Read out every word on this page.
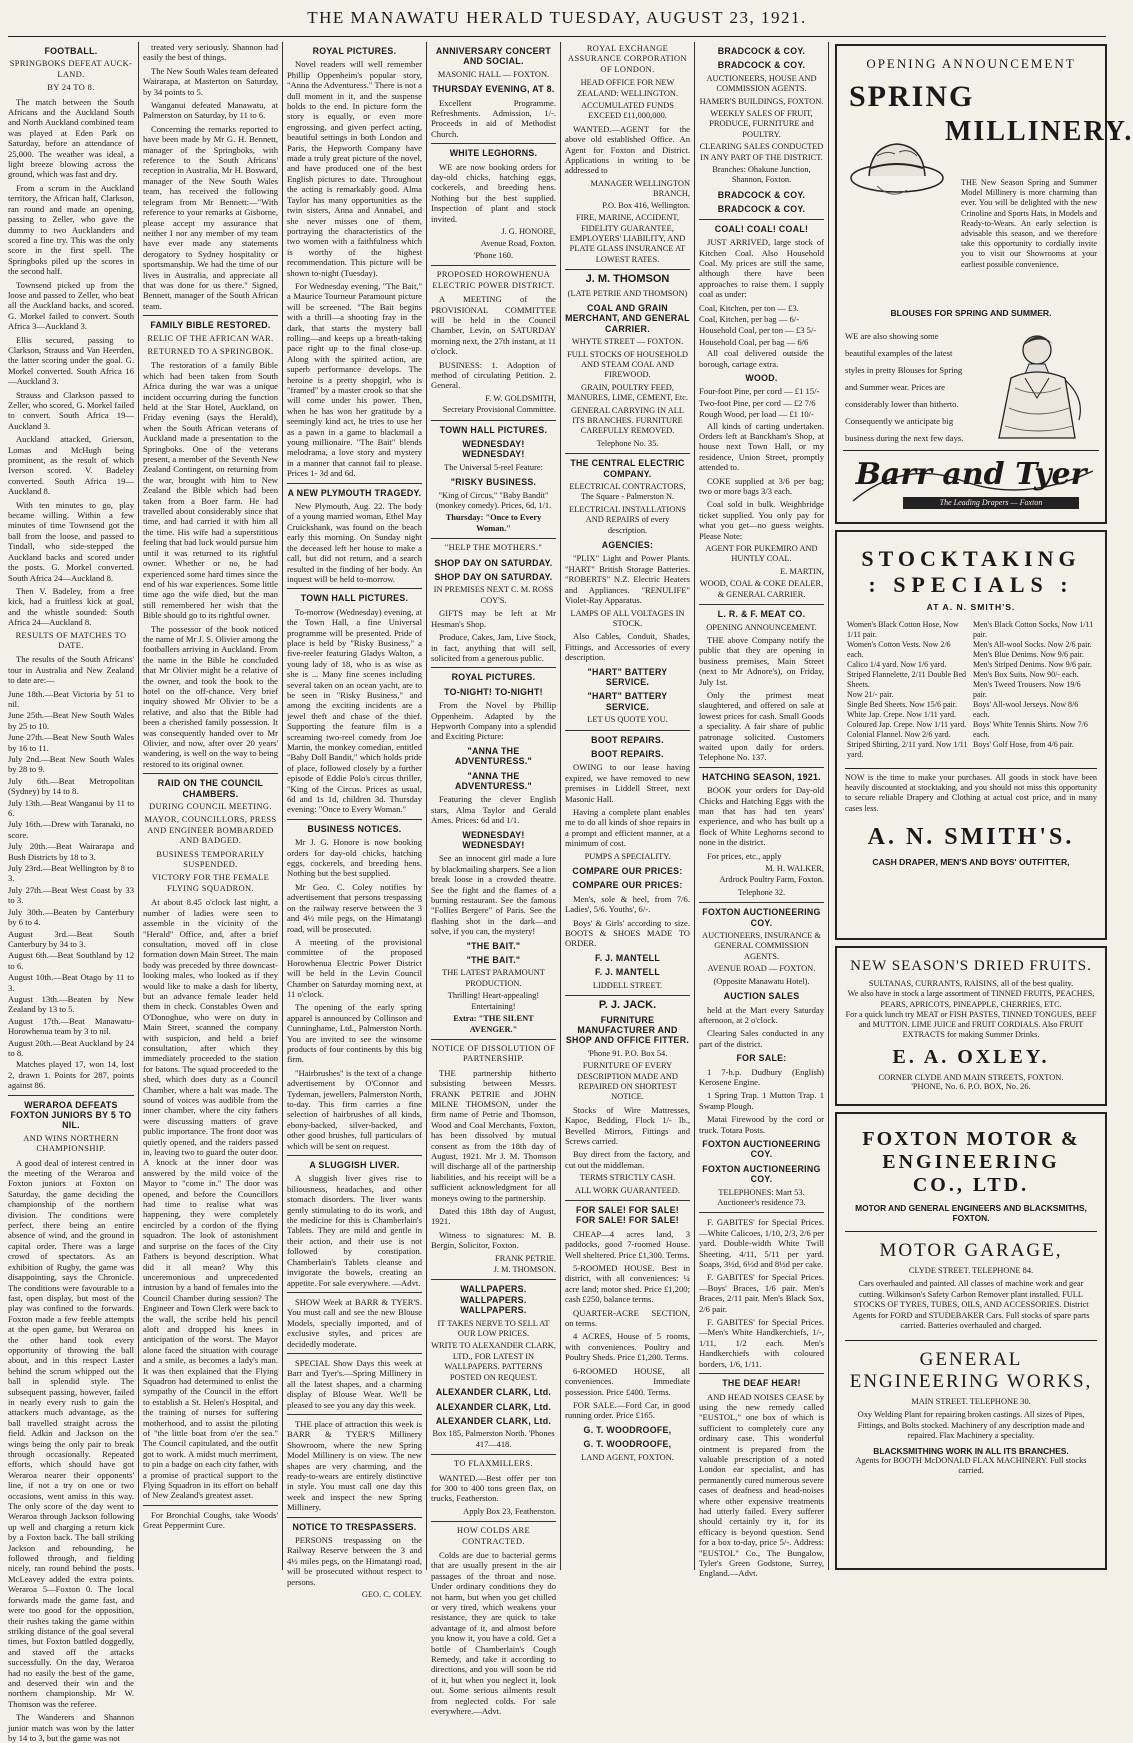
THE MANAWATU HERALD TUESDAY, AUGUST 23, 1921.
FOOTBALL.
SPRINGBOKS DEFEAT AUCK-LAND.
BY 24 TO 8.

The match between the South Africans and the Auckland South and North Auckland combined team was played at Eden Park on Saturday, before an attendance of 25,000. The weather was ideal, a light breeze blowing across the ground, which was fast and dry.

From a scrum in the Auckland territory, the African half, Clarkson, ran round and made an opening, passing to Zeller, who gave the dummy to two Aucklanders and scored a fine try. This was the only score in the first spell. The Springboks piled up the scores in the second half.

Townsend picked up from the loose and passed to Zeller, who beat all the Auckland backs, and scored. G. Morkel failed to convert. South Africa 3—Auckland 3.

Ellis secured, passing to Clarkson, Strauss and Van Heerden, the latter scoring under the goal. G. Morkel converted. South Africa 16—Auckland 3.

Strauss and Clarkson passed to Zeller, who scored, G. Morkel failed to convert. South Africa 19—Auckland 3.

Auckland attacked, Grierson, Lomas and McHugh being prominent, as the result of which Iverson scored. V. Badeley converted. South Africa 19—Auckland 8.

With ten minutes to go, play became willing. Within a few minutes of time Townsend got the ball from the loose, and passed to Tindall, who side-stepped the Auckland backs and scored under the posts. G. Morkel converted. South Africa 24—Auckland 8.

Then V. Badeley, from a free kick, had a fruitless kick at goal, and the whistle sounded: South Africa 24—Auckland 8.

RESULTS OF MATCHES TO DATE.

The results of the South Africans' tour in Australia and New Zealand to date are:—

June 18th.—Beat Victoria by 51 to nil.

June 25th.—Beat New South Wales by 25 to 10.

June 27th.—Beat New South Wales by 16 to 11.

July 2nd.—Beat New South Wales by 28 to 9.

July 6th.—Beat Metropolitan (Sydney) by 14 to 8.

July 13th.—Beat Wanganui by 11 to 6.

July 16th.—Drew with Taranaki, no score.

July 20th.—Beat Wairarapa and Bush Districts by 18 to 3.

July 23rd.—Beat Wellington by 8 to 3.

July 27th.—Beat West Coast by 33 to 3.

July 30th.—Beaten by Canterbury by 6 to 4.

August 3rd.—Beat South Canterbury by 34 to 3.

August 6th.—Beat Southland by 12 to 6.

August 10th.—Beat Otago by 11 to 3.

August 13th.—Beaten by New Zealand by 13 to 5.

August 17th.—Beat Manawatu-Horowhenua team by 3 to nil.

August 20th.—Beat Auckland by 24 to 8.

Matches played 17, won 14, lost 2, drawn 1. Points for 287, points against 86.

WERAROA DEFEATS FOXTON JUNIORS BY 5 TO NIL.
AND WINS NORTHERN CHAMPIONSHIP.

A good deal of interest centred in the meeting of the Weraroa and Foxton juniors at Foxton on Saturday, the game deciding the championship of the northern division. The conditions were perfect, there being an entire absence of wind, and the ground in capital order. There was a large crowd of spectators. As an exhibition of Rugby, the game was disappointing, says the Chronicle. The conditions were favourable to a fast, open display, but most of the play was confined to the forwards. Foxton made a few feeble attempts at the open game, but Weraroa on the other hand took every opportunity of throwing the ball about, and in this respect Laster behind the scrum whipped out the ball in splendid style. The subsequent passing, however, failed in nearly every rush to gain the attackers much advantage, as the ball travelled straight across the field. Adkin and Jackson on the wings being the only pair to break through occasionally. Repeated efforts, which should have got Weraroa nearer their opponents' line, if not a try on one or two occasions, went amiss in this way. The only score of the day went to Weraroa through Jackson following up well and charging a return kick by a Foxton back. The ball striking Jackson and rebounding, he followed through, and fielding nicely, ran round behind the posts. McLeavey added the extra points. Weraroa 5—Foxton 0. The local forwards made the game fast, and were too good for the opposition, their rushes taking the game within striking distance of the goal several times, but Foxton battled doggedly, and staved off the attacks successfully. On the day, Weraroa had no easily the best of the game, and deserved their win and the northern championship. Mr W. Thomson was the referee.

The Wanderers and Shannon junior match was won by the latter by 14 to 3, but the game was not

treated very seriously. Shannon had easily the best of things.

The New South Wales team defeated Wairarapa, at Masterton on Saturday, by 34 points to 5.

Wanganui defeated Manawatu, at Palmerston on Saturday, by 11 to 6.

Concerning the remarks reported to have been made by Mr G. H. Bennett, manager of the Springboks, with reference to the South Africans' reception in Australia, Mr H. Bosward, manager of the New South Wales team, has received the following telegram from Mr Bennett:—"With reference to your remarks at Gisborne, please accept my assurance that neither I nor any member of my team have ever made any statements derogatory to Sydney hospitality or sportsmanship. We had the time of our lives in Australia, and appreciate all that was done for us there." Signed, Bennett, manager of the South African team.

FAMILY BIBLE RESTORED.
RELIC OF THE AFRICAN WAR.
RETURNED TO A SPRINGBOK.

The restoration of a family Bible which had been taken from South Africa during the war was a unique incident occurring during the function held at the Star Hotel, Auckland, on Friday evening (says the Herald), when the South African veterans of Auckland made a presentation to the Springboks. One of the veterans present, a member of the Seventh New Zealand Contingent, on returning from the war, brought with him to New Zealand the Bible which had been taken from a Boer farm. He had travelled about considerably since that time, and had carried it with him all the time. His wife had a superstitious feeling that bad luck would pursue him until it was returned to its rightful owner. Whether or no, he had experienced some hard times since the end of his war experiences. Some little time ago the wife died, but the man still remembered her wish that the Bible should go to its rightful owner.

The possessor of the book noticed the name of Mr J. S. Olivier among the footballers arriving in Auckland. From the name in the Bible he concluded that Mr Olivier might be a relative of the owner, and took the book to the hotel on the off-chance. Very brief inquiry showed Mr Olivier to be a relative, and also that the Bible had been a cherished family possession. It was consequently handed over to Mr Olivier, and now, after over 20 years' wandering, is well on the way to being restored to its original owner.

RAID ON THE COUNCIL CHAMBERS.
DURING COUNCIL MEETING.
MAYOR, COUNCILLORS, PRESS AND ENGINEER BOMBARDED AND BADGED.
BUSINESS TEMPORARILY SUSPENDED.
VICTORY FOR THE FEMALE FLYING SQUADRON.

At about 8.45 o'clock last night, a number of ladies were seen to assemble in the vicinity of the "Herald" Office, and, after a brief consultation, moved off in close formation down Main Street. The main body was preceded by three downcast-looking males, who looked as if they would like to make a dash for liberty, but an advance female leader held them in check. Constables Owen and O'Donoghue, who were on duty in Main Street, scanned the company with suspicion, and held a brief consultation, after which they immediately proceeded to the station for batons. The squad proceeded to the shed, which does duty as a Council Chamber, where a halt was made. The sound of voices was audible from the inner chamber, where the city fathers were discussing matters of grave public importance. The front door was quietly opened, and the raiders passed in, leaving two to guard the outer door. A knock at the inner door was answered by the mild voice of the Mayor to "come in." The door was opened, and before the Councillors had time to realise what was happening, they were completely encircled by a cordon of the flying squadron. The look of astonishment and surprise on the faces of the City Fathers is beyond description. What did it all mean? Why this unceremonious and unprecedented intrusion by a band of females into the Council Chamber during session? The Engineer and Town Clerk were back to the wall, the scribe held his pencil aloft and dropped his knees in anticipation of the worst. The Mayor alone faced the situation with courage and a smile, as becomes a lady's man. It was then explained that the Flying Squadron had determined to enlist the sympathy of the Council in the effort to establish a St. Helen's Hospital, and the training of nurses for suffering motherhood, and to assist the piloting of "the little boat from o'er the sea." The Council capitulated, and the outfit got to work. A midst much merriment, to pin a badge on each city father, with a promise of practical support to the Flying Squadron in its effort on behalf of New Zealand's greatest asset.

For Bronchial Coughs, take Woods' Great Peppermint Cure.

ROYAL PICTURES.

Novel readers will well remember Phillip Oppenheim's popular story, "Anna the Adventuress." There is not a dull moment in it, and the suspense holds to the end. In picture form the story is equally, or even more engrossing, and given perfect acting, beautiful settings in both London and Paris, the Hepworth Company have made a truly great picture of the novel, and have produced one of the best English pictures to date. Throughout the acting is remarkably good. Alma Taylor has many opportunities as the twin sisters, Anna and Annabel, and she never misses one of them, portraying the characteristics of the two women with a faithfulness which is worthy of the highest recommendation. This picture will be shown to-night (Tuesday).

For Wednesday evening, "The Bait," a Maurice Tourneur Paramount picture will be screened. "The Bait begins with a thrill—a shooting fray in the dark, that starts the mystery ball rolling—and keeps up a breath-taking pace right up to the final close-up. Along with the spirited action, are superb performance develops. The heroine is a pretty shopgirl, who is "framed" by a master crook so that she will come under his power. Then, when he has won her gratitude by a seemingly kind act, he tries to use her as a pawn in a game to blackmail a young millionaire. "The Bait" blends melodrama, a love story and mystery in a manner that cannot fail to please. Prices 1- 3d and 6d.

A NEW PLYMOUTH TRAGEDY.

New Plymouth, Aug. 22. The body of a young married woman, Ethel May Cruickshank, was found on the beach early this morning. On Sunday night the deceased left her house to make a call, but did not return, and a search resulted in the finding of her body. An inquest will be held to-morrow.

TOWN HALL PICTURES.

To-morrow (Wednesday) evening, at the Town Hall, a fine Universal programme will be presented. Pride of place is held by "Risky Business," a five-reeler featuring Gladys Walton, a young lady of 18, who is as wise as she is ... Many fine scenes including several taken on an ocean yacht, are to be seen in "Risky Business," and among the exciting incidents are a jewel theft and chase of the thief. Supporting the feature film is a screaming two-reel comedy from Joe Martin, the monkey comedian, entitled "Baby Doll Bandit," which holds pride of place, followed closely by a further episode of Eddie Polo's circus thriller, "King of the Circus. Prices as usual, 6d and 1s 1d, children 3d. Thursday evening: "Once to Every Woman."

BUSINESS NOTICES.

Mr J. G. Honore is now booking orders for day-old chicks, hatching eggs, cockerels, and breeding hens. Nothing but the best supplied.

Mr Geo. C. Coley notifies by advertisement that persons trespassing on the railway reserve between the 3 and 4½ mile pegs, on the Himatangi road, will be prosecuted.

A meeting of the provisional committee of the proposed Horowhenua Electric Power District will be held in the Levin Council Chamber on Saturday morning next, at 11 o'clock.

The opening of the early spring apparel is announced by Collinson and Cunninghame, Ltd., Palmerston North. You are invited to see the winsome products of four continents by this big firm.

"Hairbrushes" is the text of a change advertisement by O'Connor and Tydeman, jewellers, Palmerston North, to-day. This firm carries a fine selection of hairbrushes of all kinds, ebony-backed, silver-backed, and other good brushes, full particulars of which will be sent on request.

A SLUGGISH LIVER.

A sluggish liver gives rise to biliousness, headaches, and other stomach disorders. The liver wants gently stimulating to do its work, and the medicine for this is Chamberlain's Tablets. They are mild and gentle in their action, and their use is not followed by constipation. Chamberlain's Tablets cleanse and invigorate the bowels, creating an appetite. For sale everywhere. —Advt.

SHOW Week at BARR & TYER'S. You must call and see the new Blouse Models, specially imported, and of exclusive styles, and prices are decidedly moderate.

SPECIAL Show Days this week at Barr and Tyer's.—Spring Millinery in all the latest shapes, and a charming display of Blouse Wear. We'll be pleased to see you any day this week.

THE place of attraction this week is BARR & TYER'S Millinery Showroom, where the new Spring Model Millinery is on view. The new shapes are very charming, and the ready-to-wears are entirely distinctive in style. You must call one day this week and inspect the new Spring Millinery.

NOTICE TO TRESPASSERS.

PERSONS trespassing on the Railway Reserve between the 3 and 4½ miles pegs, on the Himatangi road, will be prosecuted without respect to persons.

GEO. C. COLEY.
ANNIVERSARY CONCERT AND SOCIAL.
MASONIC HALL — FOXTON.
THURSDAY EVENING, AT 8.

Excellent Programme. Refreshments. Admission, 1/-. Proceeds in aid of Methodist Church.

WHITE LEGHORNS.

WE are now booking orders for day-old chicks, hatching eggs, cockerels, and breeding hens. Nothing but the best supplied. Inspection of plant and stock invited.

J. G. HONORE,
Avenue Road, Foxton.
'Phone 160.
PROPOSED HOROWHENUA ELECTRIC POWER DISTRICT.

A MEETING of the PROVISIONAL COMMITTEE will be held in the Council Chamber, Levin, on SATURDAY morning next, the 27th instant, at 11 o'clock.

BUSINESS: 1. Adoption of method of circulating Petition. 2. General.

F. W. GOLDSMITH,
Secretary Provisional Committee.
TOWN HALL PICTURES.
WEDNESDAY! WEDNESDAY!
The Universal 5-reel Feature:
"RISKY BUSINESS.
"King of Circus," "Baby Bandit" (monkey comedy). Prices, 6d, 1/1.
Thursday: "Once to Every Woman."
"HELP THE MOTHERS."
SHOP DAY ON SATURDAY.
SHOP DAY ON SATURDAY.
IN PREMISES NEXT C. M. ROSS COY'S.

GIFTS may be left at Mr Hesman's Shop.

Produce, Cakes, Jam, Live Stock, in fact, anything that will sell, solicited from a generous public.

ROYAL PICTURES.
TO-NIGHT! TO-NIGHT!

From the Novel by Phillip Oppenheim. Adapted by the Hepworth Company into a splendid and Exciting Picture:

"ANNA THE ADVENTURESS."
"ANNA THE ADVENTURESS."

Featuring the clever English stars, Alma Taylor and Gerald Ames. Prices: 6d and 1/1.

WEDNESDAY! WEDNESDAY!

See an innocent girl made a lure by blackmailing sharpers. See a lion break loose in a crowded theatre. See the fight and the flames of a burning restaurant. See the famous "Follies Bergere" of Paris. See the flashing shot in the dark—and solve, if you can, the mystery!

"THE BAIT."
"THE BAIT."
THE LATEST PARAMOUNT PRODUCTION.
Thrilling! Heart-appealing! Entertaining!
Extra: "THE SILENT AVENGER."
NOTICE OF DISSOLUTION OF PARTNERSHIP.

THE partnership hitherto subsisting between Messrs. FRANK PETRIE and JOHN MILNE THOMSON, under the firm name of Petrie and Thomson, Wood and Coal Merchants, Foxton, has been dissolved by mutual consent as from the 18th day of August, 1921. Mr J. M. Thomson will discharge all of the partnership liabilities, and his receipt will be a sufficient acknowledgment for all moneys owing to the partnership.

Dated this 18th day of August, 1921.

Witness to signatures: M. B. Bergin, Solicitor, Foxton.

FRANK PETRIE.
J. M. THOMSON.
WALLPAPERS. WALLPAPERS. WALLPAPERS.
IT TAKES NERVE TO SELL AT OUR LOW PRICES.
WRITE TO ALEXANDER CLARK, LTD., FOR LATEST IN WALLPAPERS. PATTERNS POSTED ON REQUEST.
ALEXANDER CLARK, Ltd.
ALEXANDER CLARK, Ltd.
ALEXANDER CLARK, Ltd.
Box 185, Palmerston North. 'Phones 417—418.
TO FLAXMILLERS.

WANTED.—Best offer per ton for 300 to 400 tons green flax, on trucks, Featherston.

Apply Box 23, Featherston.
HOW COLDS ARE CONTRACTED.

Colds are due to bacterial germs that are usually present in the air passages of the throat and nose. Under ordinary conditions they do not harm, but when you get chilled or very tired, which weakens your resistance, they are quick to take advantage of it, and almost before you know it, you have a cold. Get a bottle of Chamberlain's Cough Remedy, and take it according to directions, and you will soon be rid of it, but when you neglect it, look out. Some serious ailments result from neglected colds. For sale everywhere.—Advt.

ROYAL EXCHANGE ASSURANCE CORPORATION OF LONDON.
HEAD OFFICE FOR NEW ZEALAND: WELLINGTON.
ACCUMULATED FUNDS EXCEED £11,000,000.

WANTED.—AGENT for the above old established Office. An Agent for Foxton and District. Applications in writing to be addressed to

MANAGER WELLINGTON BRANCH,
P.O. Box 416, Wellington.
FIRE, MARINE, ACCIDENT, FIDELITY GUARANTEE, EMPLOYERS' LIABILITY, AND PLATE GLASS INSURANCE AT LOWEST RATES.
J. M. THOMSON
(LATE PETRIE AND THOMSON)
COAL AND GRAIN MERCHANT, AND GENERAL CARRIER.
WHYTE STREET — FOXTON.
FULL STOCKS OF HOUSEHOLD AND STEAM COAL AND FIREWOOD.
GRAIN, POULTRY FEED, MANURES, LIME, CEMENT, Etc.
GENERAL CARRYING IN ALL ITS BRANCHES. FURNITURE CAREFULLY REMOVED.
Telephone No. 35.
THE CENTRAL ELECTRIC COMPANY.
ELECTRICAL CONTRACTORS, The Square - Palmerston N.
ELECTRICAL INSTALLATIONS AND REPAIRS of every description.
AGENCIES:

"PLIX" Light and Power Plants. "HART" British Storage Batteries. "ROBERTS" N.Z. Electric Heaters and Appliances. "RENULIFE" Violet-Ray Apparatus.

LAMPS OF ALL VOLTAGES IN STOCK.

Also Cables, Conduit, Shades, Fittings, and Accessories of every description.

"HART" BATTERY SERVICE.
"HART" BATTERY SERVICE.
LET US QUOTE YOU.
BOOT REPAIRS.
BOOT REPAIRS.

OWING to our lease having expired, we have removed to new premises in Liddell Street, next Masonic Hall.

Having a complete plant enables me to do all kinds of shoe repairs in a prompt and efficient manner, at a minimum of cost.

PUMPS A SPECIALITY.
COMPARE OUR PRICES:
COMPARE OUR PRICES:

Men's, sole & heel, from 7/6. Ladies', 5/6. Youths', 6/-.

Boys' & Girls' according to size. BOOTS & SHOES MADE TO ORDER.

F. J. MANTELL
F. J. MANTELL
LIDDELL STREET.
P. J. JACK.
FURNITURE MANUFACTURER AND SHOP AND OFFICE FITTER.
'Phone 91. P.O. Box 54.
FURNITURE OF EVERY DESCRIPTION MADE AND REPAIRED ON SHORTEST NOTICE.

Stocks of Wire Mattresses, Kapoc, Bedding, Flock 1/- lb., Bevelled Mirrors, Fittings and Screws carried.

Buy direct from the factory, and cut out the middleman.

TERMS STRICTLY CASH.
ALL WORK GUARANTEED.
FOR SALE! FOR SALE! FOR SALE! FOR SALE!

CHEAP—4 acres land, 3 paddocks, good 7-roomed House. Well sheltered. Price £1,300. Terms.

5-ROOMED HOUSE. Best in district, with all conveniences: ¼ acre land; motor shed. Price £1,200; cash £250, balance terms.

QUARTER-ACRE SECTION, on terms.

4 ACRES, House of 5 rooms, with conveniences. Poultry and Poultry Sheds. Price £1,200. Terms.

6-ROOMED HOUSE, all conveniences. Immediate possession. Price £400. Terms.

FOR SALE.—Ford Car, in good running order. Price £165.

G. T. WOODROOFE,
G. T. WOODROOFE,
LAND AGENT, FOXTON.
BRADCOCK & COY.
BRADCOCK & COY.
AUCTIONEERS, HOUSE AND COMMISSION AGENTS.
HAMER'S BUILDINGS, FOXTON.
WEEKLY SALES OF FRUIT, PRODUCE, FURNITURE and POULTRY.
CLEARING SALES CONDUCTED IN ANY PART OF THE DISTRICT.
Branches: Ohakune Junction, Shannon, Foxton.
BRADCOCK & COY.
BRADCOCK & COY.
COAL! COAL! COAL!

JUST ARRIVED, large stock of Kitchen Coal. Also Household Coal. My prices are still the same, although there have been approaches to raise them. I supply coal as under:

Coal, Kitchen, per ton — £3.

Coal, Kitchen, per bag — 6/-

Household Coal, per ton — £3 5/-

Household Coal, per bag — 6/6

All coal delivered outside the borough, cartage extra.

WOOD.

Four-foot Pine, per cord — £1 15/-

Two-foot Pine, per cord — £2 7/6

Rough Wood, per load — £1 10/-

All kinds of carting undertaken. Orders left at Banckham's Shop, at house next Town Hall, or my residence, Union Street, promptly attended to.

COKE supplied at 3/6 per bag; two or more bags 3/3 each.

Coal sold in bulk. Weighbridge ticket supplied. You only pay for what you get—no guess weights. Please Note:

AGENT FOR PUKEMIRO AND HUNTLY COAL.
E. MARTIN,
WOOD, COAL & COKE DEALER, & GENERAL CARRIER.
L. R. & F. MEAT CO.
OPENING ANNOUNCEMENT.

THE above Company notify the public that they are opening in business premises, Main Street (next to Mr Adnore's), on Friday, July 1st.

Only the primest meat slaughtered, and offered on sale at lowest prices for cash. Small Goods a speciality. A fair share of public patronage solicited. Customers waited upon daily for orders. Telephone No. 137.

HATCHING SEASON, 1921.

BOOK your orders for Day-old Chicks and Hatching Eggs with the man that has had ten years' experience, and who has built up a flock of White Leghorns second to none in the district.

For prices, etc., apply

M. H. WALKER,
Ardrock Poultry Farm, Foxton.
Telephone 32.
FOXTON AUCTIONEERING COY.
AUCTIONEERS, INSURANCE & GENERAL COMMISSION AGENTS.
AVENUE ROAD — FOXTON.
(Opposite Manawatu Hotel).
AUCTION SALES

held at the Mart every Saturday afternoon, at 2 o'clock.

Clearing Sales conducted in any part of the district.

FOR SALE:

1 7-h.p. Dudbury (English) Kerosene Engine.

1 Spring Trap. 1 Mutton Trap. 1 Swamp Plough.

Matai Firewood by the cord or truck. Totara Posts.

FOXTON AUCTIONEERING COY.
FOXTON AUCTIONEERING COY.
TELEPHONES: Mart 53. Auctioneer's residence 73.

F. GABITES' for Special Prices.—White Calicoes, 1/10, 2/3, 2/6 per yard. Double-width White Twill Sheeting, 4/11, 5/11 per yard. Soaps, 3½d, 6½d and 8½d per cake.

F. GABITES' for Special Prices.—Boys' Braces, 1/6 pair. Men's Braces, 2/11 pair. Men's Black Sox, 2/6 pair.

F. GABITES' for Special Prices.—Men's White Handkerchiefs, 1/-, 1/11, 1/2 each. Men's Handkerchiefs with coloured borders, 1/6, 1/11.

THE DEAF HEAR!

AND HEAD NOISES CEASE by using the new remedy called "EUSTOL," one box of which is sufficient to completely cure any ordinary case. This wonderful ointment is prepared from the valuable prescription of a noted London ear specialist, and has permanently cured numerous severe cases of deafness and head-noises where other expensive treatments had utterly failed. Every sufferer should certainly try it, for its efficacy is beyond question. Send for a box to-day, price 5/-. Address: "EUSTOL" Co., The Bungalow, Tyler's Green Godstone, Surrey, England.—Advt.

OPENING ANNOUNCEMENT
SPRING
MILLINERY.
THE New Season Spring and Summer Model Millinery is more charming than ever. You will be delighted with the new Crinoline and Sports Hats, in Models and Ready-to-Wears. An early selection is advisable this season, and we therefore take this opportunity to cordially invite you to visit our Showrooms at your earliest possible convenience.
BLOUSES FOR SPRING AND SUMMER.
WE are also showing some beautiful examples of the latest styles in pretty Blouses for Spring and Summer wear. Prices are considerably lower than hitherto. Consequently we anticipate big business during the next few days.
Barr and Tyer
The Leading Drapers — Foxton
STOCKTAKING
: SPECIALS :
AT A. N. SMITH'S.
Women's Black Cotton Hose, Now 1/11 pair.
Women's Cotton Vests. Now 2/6 each.
Calico 1/4 yard. Now 1/6 yard.
Striped Flannelette, 2/11 Double Bed Sheets.
Now 21/- pair.
Single Bed Sheets. Now 15/6 pair.
White Jap. Crepe. Now 1/11 yard.
Coloured Jap. Crepe. Now 1/11 yard.
Colonial Flannel. Now 2/6 yard.
Striped Shirting, 2/11 yard. Now 1/11 yard.

Men's Black Cotton Socks, Now 1/11 pair.
Men's All-wool Socks. Now 2/6 pair.
Men's Blue Denims. Now 9/6 pair.
Men's Striped Denims. Now 9/6 pair.
Men's Box Suits. Now 90/- each.
Men's Tweed Trousers. Now 19/6 pair.
Boys' All-wool Jerseys. Now 8/6 each.
Boys' White Tennis Shirts. Now 7/6 each.
Boys' Golf Hose, from 4/6 pair.
NOW is the time to make your purchases. All goods in stock have been heavily discounted at stocktaking, and you should not miss this opportunity to secure reliable Drapery and Clothing at actual cost price, and in many cases less.
A. N. SMITH'S.
CASH DRAPER, MEN'S AND BOYS' OUTFITTER,
NEW SEASON'S DRIED FRUITS.
SULTANAS, CURRANTS, RAISINS, all of the best quality.
We also have in stock a large assortment of TINNED FRUITS, PEACHES, PEARS, APRICOTS, PINEAPPLE, CHERRIES, ETC.
For a quick lunch try MEAT or FISH PASTES, TINNED TONGUES, BEEF and MUTTON. LIME JUICE and FRUIT CORDIALS. Also FRUIT EXTRACTS for making Summer Drinks.
E. A. OXLEY.
CORNER CLYDE AND MAIN STREETS, FOXTON.
'PHONE, No. 6. P.O. BOX, No. 26.
FOXTON MOTOR &
ENGINEERING
CO., LTD.
MOTOR AND GENERAL ENGINEERS AND BLACKSMITHS, FOXTON.
MOTOR GARAGE,
CLYDE STREET. TELEPHONE 84.
Cars overhauled and painted. All classes of machine work and gear cutting. Wilkinson's Safety Carbon Remover plant installed. FULL STOCKS OF TYRES, TUBES, OILS, AND ACCESSORIES. District Agents for FORD and STUDEBAKER Cars. Full stocks of spare parts carried. Batteries overhauled and charged.
GENERAL ENGINEERING WORKS,
MAIN STREET. TELEPHONE 30.
Oxy Welding Plant for repairing broken castings. All sizes of Pipes, Fittings, and Bolts stocked. Machinery of any description made and repaired. Flax Machinery a speciality.
BLACKSMITHING WORK IN ALL ITS BRANCHES.
Agents for BOOTH McDONALD FLAX MACHINERY. Full stocks carried.
